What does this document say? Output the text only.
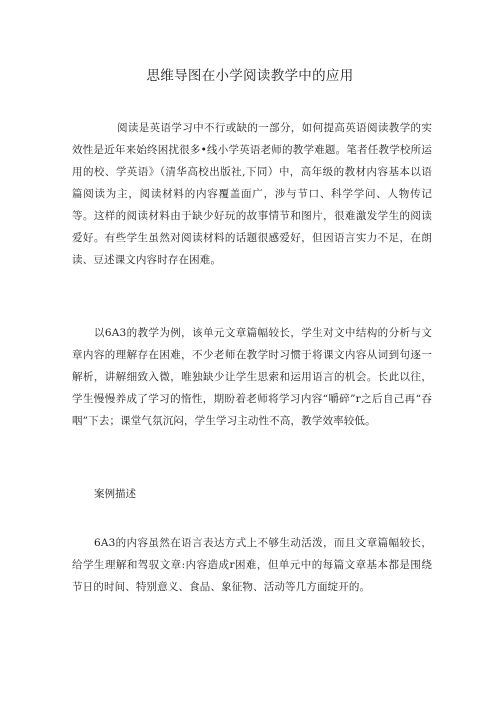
思维导图在小学阅读教学中的应用

阅读是英语学习中不行或缺的一部分，如何提高英语阅读教学的实效性是近年来始终困扰很多•线小学英语老师的教学难题。笔者任教学校所运用的校、学英语》（清华高校出版社,下同）中，高年级的教材内容基本以语篇阅读为主，阅读材料的内容覆盖面广，涉与节口、科学学问、人物传记等。这样的阅读材料由于缺少好玩的故事情节和图片，很难激发学生的阅读爱好。有些学生虽然对阅读材料的话题很感爱好，但因语言实力不足，在朗读、豆述课文内容时存在困难。

以6A3的教学为例，该单元文章篇幅较长，学生对文中结构的分析与文章内容的理解存在困难，不少老师在教学时习惯于将课文内容从词到句逐一解析，讲解细致入微，唯独缺少让学生思索和运用语言的机会。长此以往，学生慢慢养成了学习的惰性，期盼着老师将学习内容“嚼碎”r之后自己再“吞咽”下去；课堂气氛沉闷，学生学习主动性不高，教学效率较低。

案例描述

6A3的内容虽然在语言表达方式上不够生动活泼，而且文章篇幅较长，给学生理解和驾驭文章:内容造成r困难，但单元中的每篇文章基本都是围绕节日的时间、特别意义、食品、象征物、活动等几方面绽开的。
